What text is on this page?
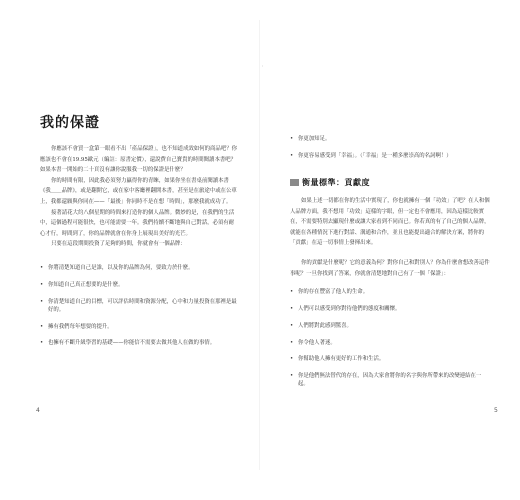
'
我的保證

你應該不會買一盒第一眼看不出「產品保證」，也不知道成效如何的商品吧？你應該也不會在19.95歐元（編註：原書定價），還說費自己寶貴的時間閱讀本書吧？如果本書一開始的二十頁沒有讓你說服我一切的保證是什麼？

你的時間有限，因此我必須努力贏得你的青睞，如果你坐在書桌前閱讀本書《我＿＿品牌》，或是翻開它，或在家中客廳裡翻開本書，甚至是在旅途中或在公車上，我都還願與你同在——「最後」你同時不是在想「時間」，那麼我就成功了。

接著請花大約八個星期的時間來打造你的個人品牌。微妙的是，在我們的生活中，這個過程可能很快，也可能需要一年。我們持續不斷地與自己對話，必須有耐心才行，時間到了，你的品牌就會在你身上展現出美好的光芒。

只要在這段期間投資了足夠的時間，你就會有一個品牌：

• 你將清楚知道自己是誰，以及你的品牌為何，要致力於什麼。
• 你知道自己真正想要的是什麼。
• 你清楚知道自己的目標，可以評估時間和資源分配，心中和力量投資在那裡是最好的。
• 擁有我們每年想要的提升。
• 也擁有不斷升級學習的基礎——你能信不需要去做其他人在做的事情。
4
• 你更加知足。
• 你更容易感受到「幸福」。（「幸福」是一種多麼崇高的名詞啊！）
衡量標準：貢獻度

如果上述一切都在你的生活中實現了，你也就擁有一個「功效」了吧？在人和個人品牌方面，我不想用「功效」這樣的字眼，但一定也不會應用，因為這樣比較實在，不需要特別去顯現什麼或讓大家看到不同而已。你若真的有了自己的個人品牌，就能在各種情況下進行對話、溝通和合作，並且也能提出適合的解決方案，將你的「貢獻」在這一切事情上發揮出來。

你的貢獻是什麼呢？它的意義為何？對你自己和對別人？你為什麼會想改善這件事呢？一旦你找到了答案，你就會清楚地對自己有了一個「保證」：

• 你的存在豐富了他人的生命。
• 人們可以感受到你對待他們的態度和關懷。
• 人們將對此感到驚喜。
• 你令他人著迷。
• 你幫助他人擁有更好的工作和生活。
• 你是他們無法替代的存在，因為大家會將你的名字與你所帶來的改變連結在一起。
5
